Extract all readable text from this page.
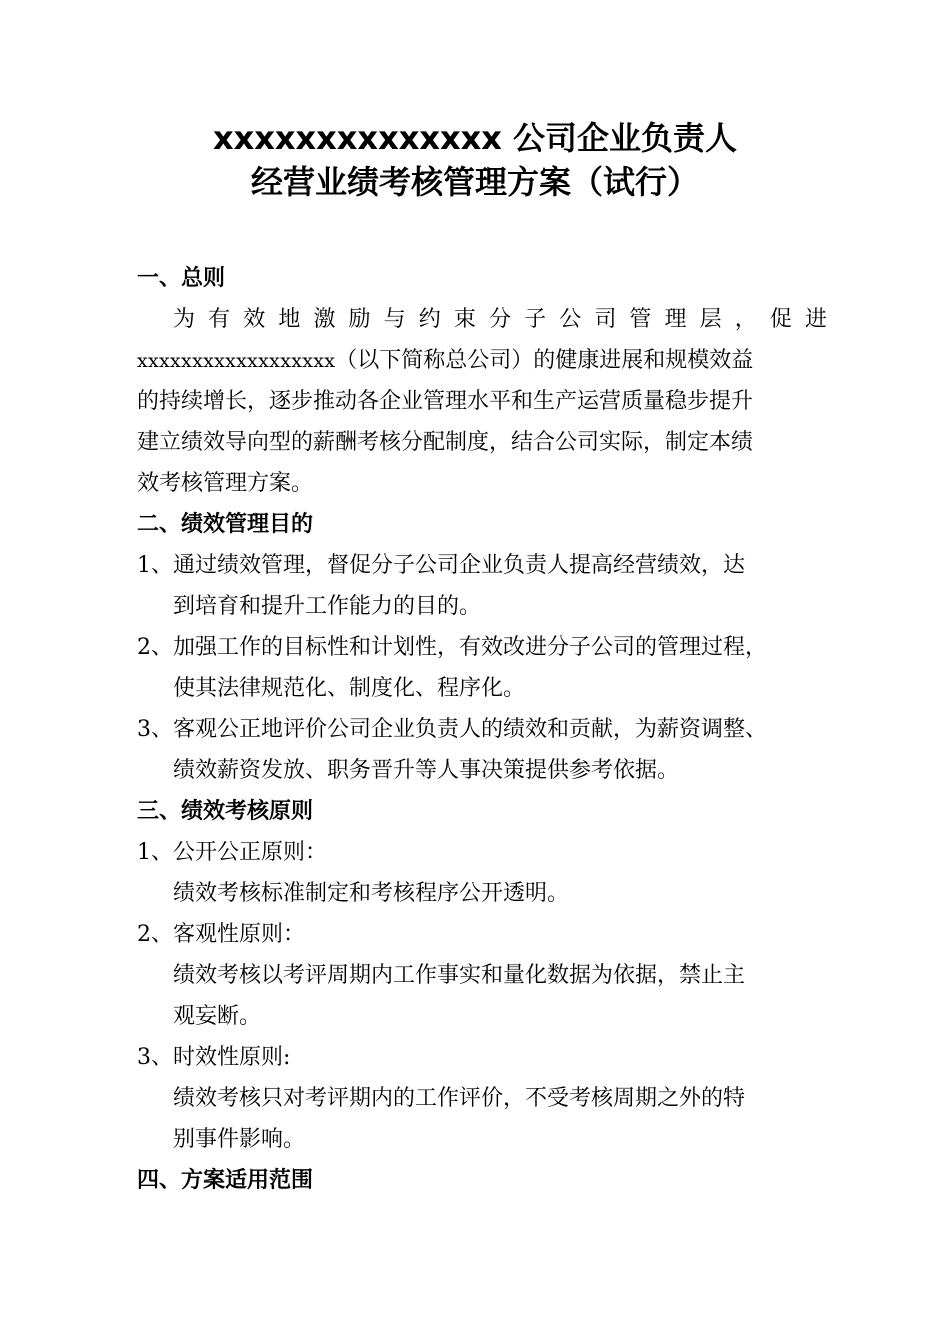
xxxxxxxxxxxxxx 公司企业负责人
经营业绩考核管理方案（试行）
一、总则
为有效地激励与约束分子公司管理层，促进
xxxxxxxxxxxxxxxxxx（以下简称总公司）的健康进展和规模效益
的持续增长，逐步推动各企业管理水平和生产运营质量稳步提升
建立绩效导向型的薪酬考核分配制度，结合公司实际，制定本绩
效考核管理方案。
二、绩效管理目的
1、通过绩效管理，督促分子公司企业负责人提高经营绩效，达
到培育和提升工作能力的目的。
2、加强工作的目标性和计划性，有效改进分子公司的管理过程，
使其法律规范化、制度化、程序化。
3、客观公正地评价公司企业负责人的绩效和贡献，为薪资调整、
绩效薪资发放、职务晋升等人事决策提供参考依据。
三、绩效考核原则
1、公开公正原则：
绩效考核标准制定和考核程序公开透明。
2、客观性原则：
绩效考核以考评周期内工作事实和量化数据为依据，禁止主
观妄断。
3、时效性原则:
绩效考核只对考评期内的工作评价，不受考核周期之外的特
别事件影响。
四、方案适用范围
